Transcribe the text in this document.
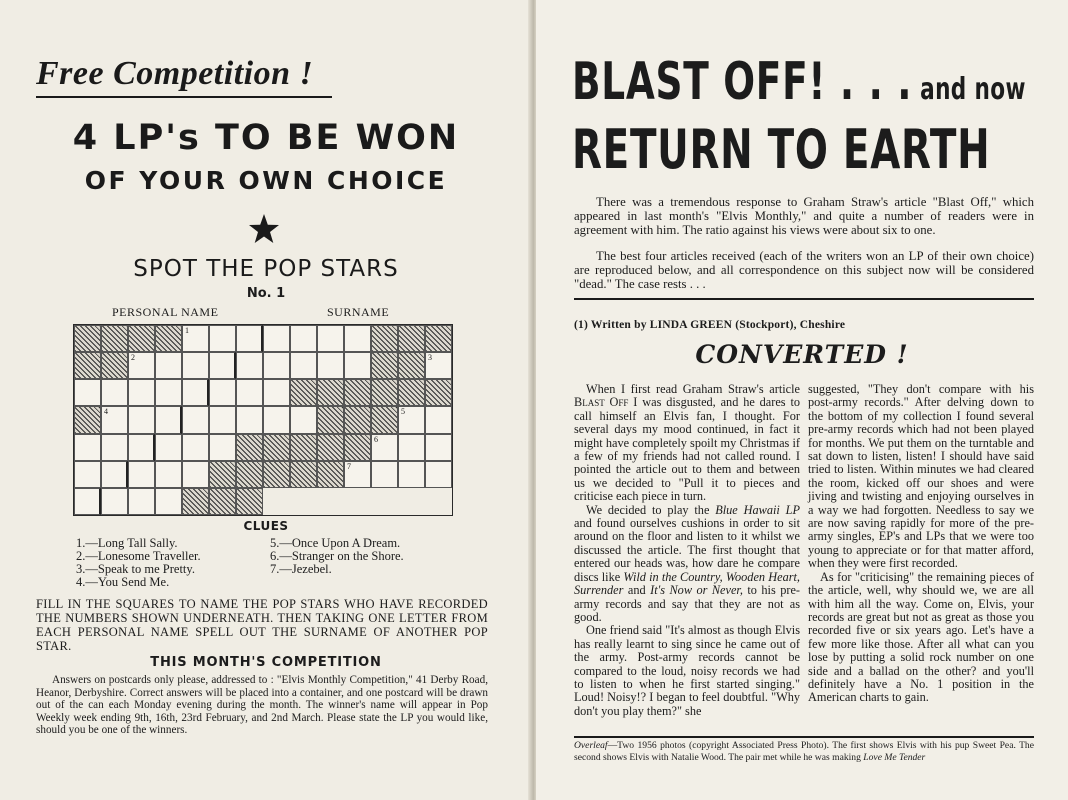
Free Competition !
4 LP's TO BE WON
OF YOUR OWN CHOICE
SPOT THE POP STARS
No. 1
PERSONAL NAME	SURNAME
1
2	3
4	5
6
7
CLUES
1.—Long Tall Sally.
2.—Lonesome Traveller.
3.—Speak to me Pretty.
4.—You Send Me.
5.—Once Upon A Dream.
6.—Stranger on the Shore.
7.—Jezebel.
FILL IN THE SQUARES TO NAME THE POP STARS WHO HAVE RECORDED THE NUMBERS SHOWN UNDERNEATH. THEN TAKING ONE LETTER FROM EACH PERSONAL NAME SPELL OUT THE SURNAME OF ANOTHER POP STAR.
THIS MONTH'S COMPETITION
Answers on postcards only please, addressed to : "Elvis Monthly Competition," 41 Derby Road, Heanor, Derbyshire. Correct answers will be placed into a container, and one postcard will be drawn out of the can each Monday evening during the month. The winner's name will appear in Pop Weekly week ending 9th, 16th, 23rd February, and 2nd March. Please state the LP you would like, should you be one of the winners.
BLAST OFF! . . . and now
RETURN TO EARTH
There was a tremendous response to Graham Straw's article "Blast Off," which appeared in last month's "Elvis Monthly," and quite a number of readers were in agreement with him. The ratio against his views were about six to one.
The best four articles received (each of the writers won an LP of their own choice) are reproduced below, and all correspondence on this subject now will be considered "dead." The case rests . . .
(1) Written by LINDA GREEN (Stockport), Cheshire
CONVERTED !

When I first read Graham Straw's article Blast Off I was disgusted, and he dares to call himself an Elvis fan, I thought. For several days my mood continued, in fact it might have completely spoilt my Christmas if a few of my friends had not called round. I pointed the article out to them and between us we decided to "Pull it to pieces and criticise each piece in turn.

We decided to play the Blue Hawaii LP and found ourselves cushions in order to sit around on the floor and listen to it whilst we discussed the article. The first thought that entered our heads was, how dare he compare discs like Wild in the Country, Wooden Heart, Surrender and It's Now or Never, to his pre-army records and say that they are not as good.

One friend said "It's almost as though Elvis has really learnt to sing since he came out of the army. Post-army records cannot be compared to the loud, noisy records we had to listen to when he first started singing." Loud! Noisy!? I began to feel doubtful. "Why don't you play them?" she

suggested, "They don't compare with his post-army records." After delving down to the bottom of my collection I found several pre-army records which had not been played for months. We put them on the turntable and sat down to listen, listen! I should have said tried to listen. Within minutes we had cleared the room, kicked off our shoes and were jiving and twisting and enjoying ourselves in a way we had forgotten. Needless to say we are now saving rapidly for more of the pre-army singles, EP's and LPs that we were too young to appreciate or for that matter afford, when they were first recorded.

As for "criticising" the remaining pieces of the article, well, why should we, we are all with him all the way. Come on, Elvis, your records are great but not as great as those you recorded five or six years ago. Let's have a few more like those. After all what can you lose by putting a solid rock number on one side and a ballad on the other? and you'll definitely have a No. 1 position in the American charts to gain.

Overleaf—Two 1956 photos (copyright Associated Press Photo). The first shows Elvis with his pup Sweet Pea. The second shows Elvis with Natalie Wood. The pair met while he was making Love Me Tender
